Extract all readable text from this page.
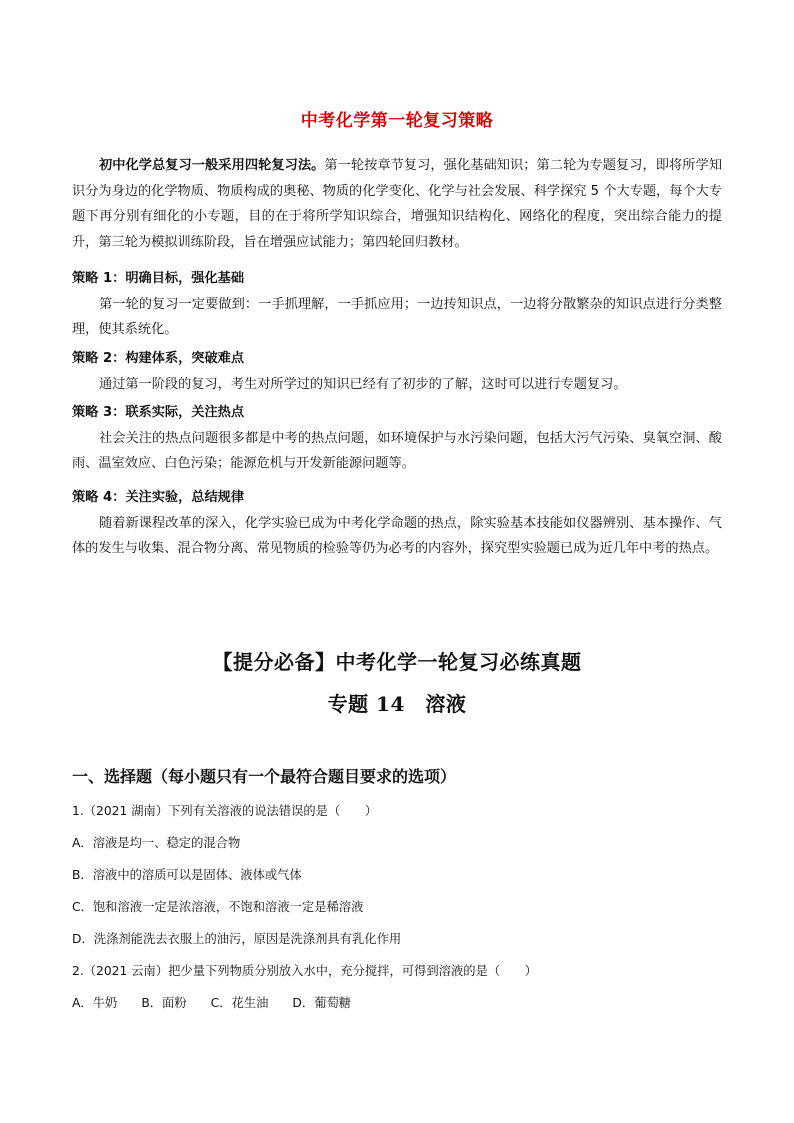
中考化学第一轮复习策略
初中化学总复习一般采用四轮复习法。第一轮按章节复习，强化基础知识；第二轮为专题复习，即将所学知识分为身边的化学物质、物质构成的奥秘、物质的化学变化、化学与社会发展、科学探究 5 个大专题，每个大专题下再分别有细化的小专题，目的在于将所学知识综合，增强知识结构化、网络化的程度，突出综合能力的提升，第三轮为模拟训练阶段，旨在增强应试能力；第四轮回归教材。
策略 1：明确目标，强化基础
第一轮的复习一定要做到：一手抓理解，一手抓应用；一边抟知识点，一边将分散繁杂的知识点进行分类整理，使其系统化。
策略 2：构建体系，突破难点
通过第一阶段的复习，考生对所学过的知识已经有了初步的了解，这时可以进行专题复习。
策略 3：联系实际，关注热点
社会关注的热点问题很多都是中考的热点问题，如环境保护与水污染问题，包括大污气污染、臭氧空洞、酸雨、温室效应、白色污染；能源危机与开发新能源问题等。
策略 4：关注实验，总结规律
随着新课程改革的深入，化学实验已成为中考化学命题的热点，除实验基本技能如仪器辨别、基本操作、气体的发生与收集、混合物分离、常见物质的检验等仍为必考的内容外，探究型实验题已成为近几年中考的热点。
【提分必备】中考化学一轮复习必练真题
专题 14　溶液
一、选择题（每小题只有一个最符合题目要求的选项）
1.（2021 湖南）下列有关溶液的说法错误的是（　　）
A．溶液是均一、稳定的混合物
B．溶液中的溶质可以是固体、液体或气体
C．饱和溶液一定是浓溶液，不饱和溶液一定是稀溶液
D．洗涤剂能洗去衣服上的油污，原因是洗涤剂具有乳化作用
2.（2021 云南）把少量下列物质分别放入水中，充分搅拌，可得到溶液的是（　　）
A．牛奶 B．面粉 C．花生油 D．葡萄糖
